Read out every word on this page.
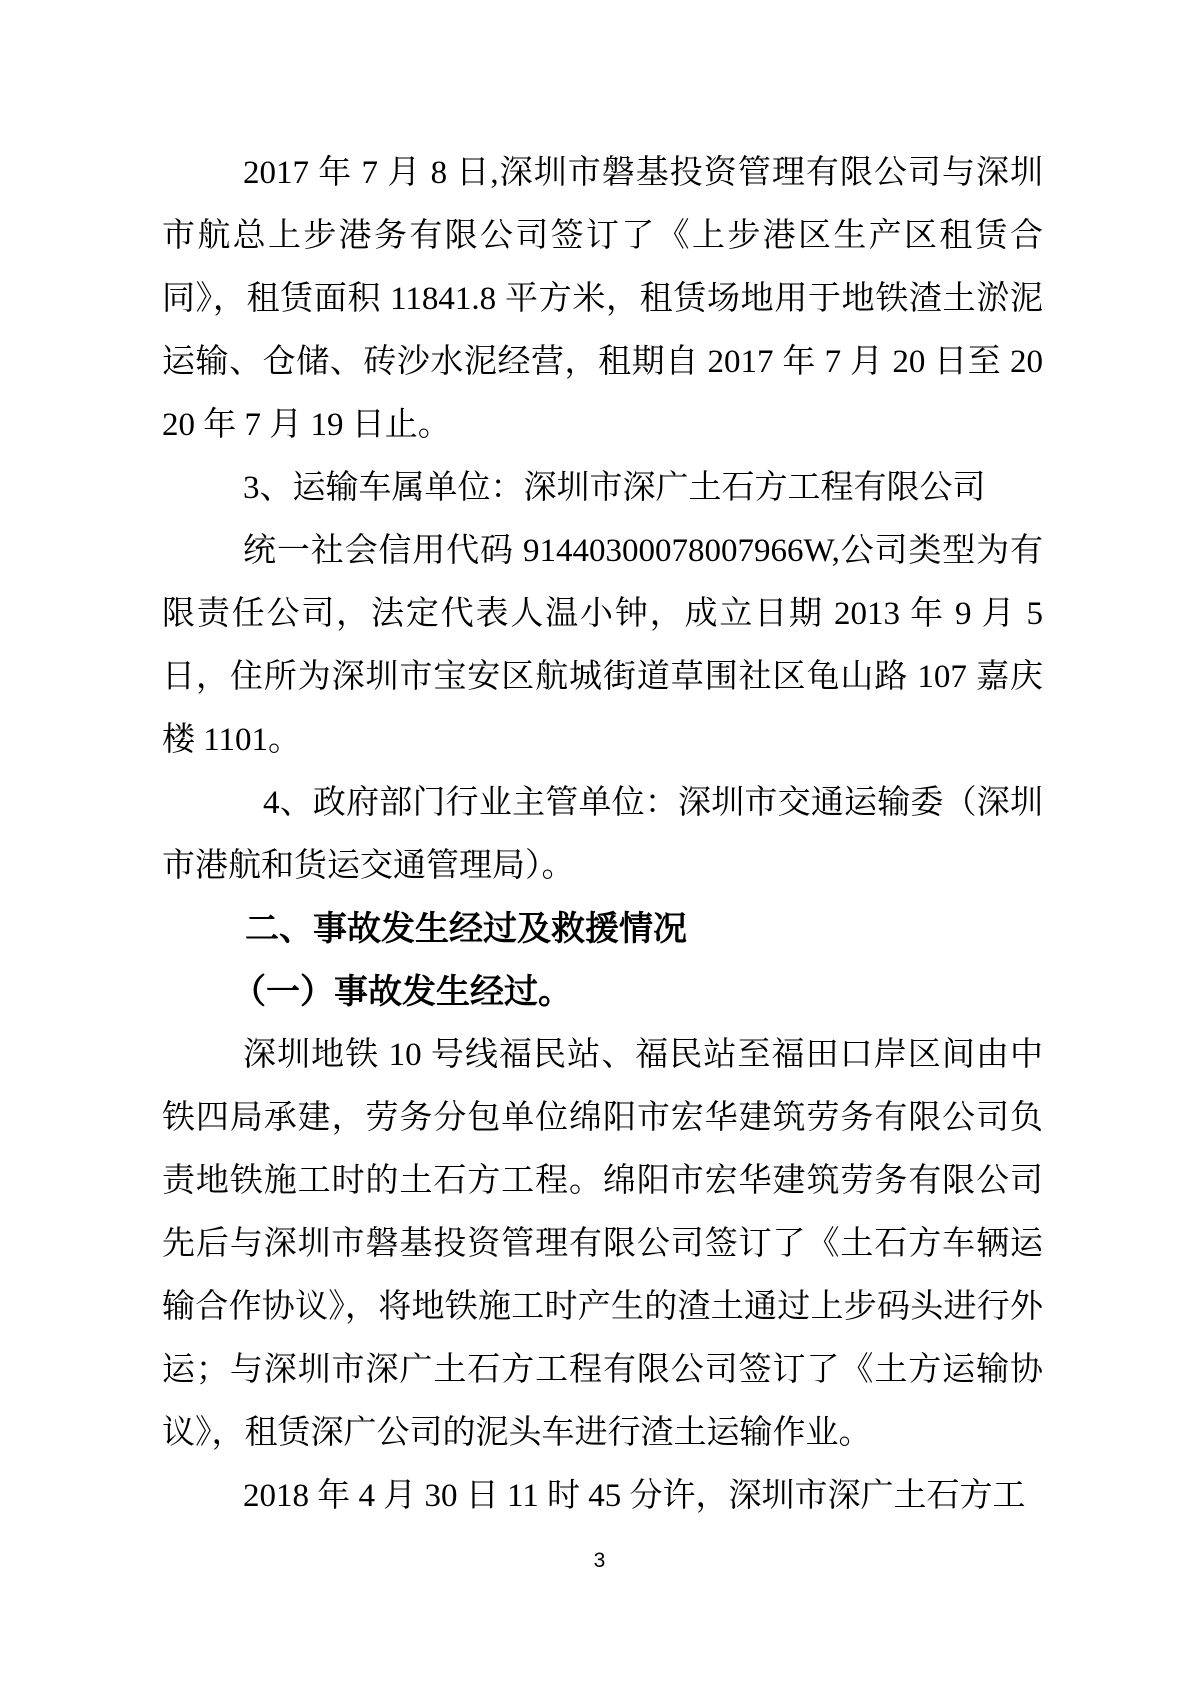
2017 年 7 月 8 日,深圳市磐基投资管理有限公司与深圳市航总上步港务有限公司签订了《上步港区生产区租赁合同》，租赁面积 11841.8 平方米，租赁场地用于地铁渣土淤泥运输、仓储、砖沙水泥经营，租期自 2017 年 7 月 20 日至 2020 年 7 月 19 日止。

3、运输车属单位：深圳市深广土石方工程有限公司

统一社会信用代码 91440300078007966W,公司类型为有限责任公司，法定代表人温小钟，成立日期 2013 年 9 月 5 日，住所为深圳市宝安区航城街道草围社区龟山路 107 嘉庆楼 1101。

4、政府部门行业主管单位：深圳市交通运输委（深圳市港航和货运交通管理局）。

二、事故发生经过及救援情况
（一）事故发生经过。

深圳地铁 10 号线福民站、福民站至福田口岸区间由中铁四局承建，劳务分包单位绵阳市宏华建筑劳务有限公司负责地铁施工时的土石方工程。绵阳市宏华建筑劳务有限公司先后与深圳市磐基投资管理有限公司签订了《土石方车辆运输合作协议》，将地铁施工时产生的渣土通过上步码头进行外运；与深圳市深广土石方工程有限公司签订了《土方运输协议》，租赁深广公司的泥头车进行渣土运输作业。

2018 年 4 月 30 日 11 时 45 分许，深圳市深广土石方工

3
